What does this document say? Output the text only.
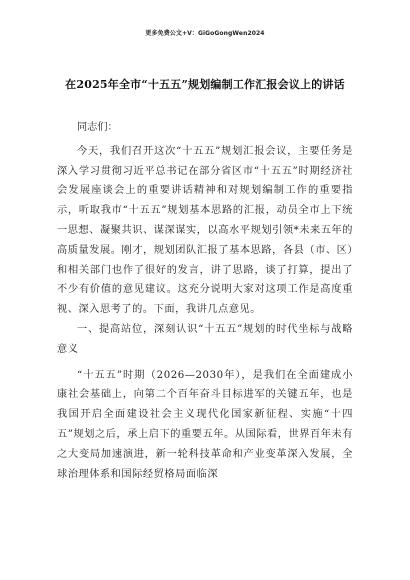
更多免费公文+V：GiGoGongWen2024
在2025年全市“十五五”规划编制工作汇报会议上的讲话

同志们：

今天，我们召开这次“十五五”规划汇报会议，主要任务是深入学习贯彻习近平总书记在部分省区市“十五五”时期经济社会发展座谈会上的重要讲话精神和对规划编制工作的重要指示，听取我市“十五五”规划基本思路的汇报，动员全市上下统一思想、凝聚共识、谋深谋实，以高水平规划引领*未来五年的高质量发展。刚才，规划团队汇报了基本思路，各县（市、区）和相关部门也作了很好的发言，讲了思路，谈了打算，提出了不少有价值的意见建议。这充分说明大家对这项工作是高度重视、深入思考了的。下面，我讲几点意见。

一、提高站位，深刻认识“十五五”规划的时代坐标与战略意义

“十五五”时期（2026—2030年），是我们在全面建成小康社会基础上，向第二个百年奋斗目标进军的关键五年，也是我国开启全面建设社会主义现代化国家新征程、实施“十四五”规划之后，承上启下的重要五年。从国际看，世界百年未有之大变局加速演进，新一轮科技革命和产业变革深入发展，全球治理体系和国际经贸格局面临深
